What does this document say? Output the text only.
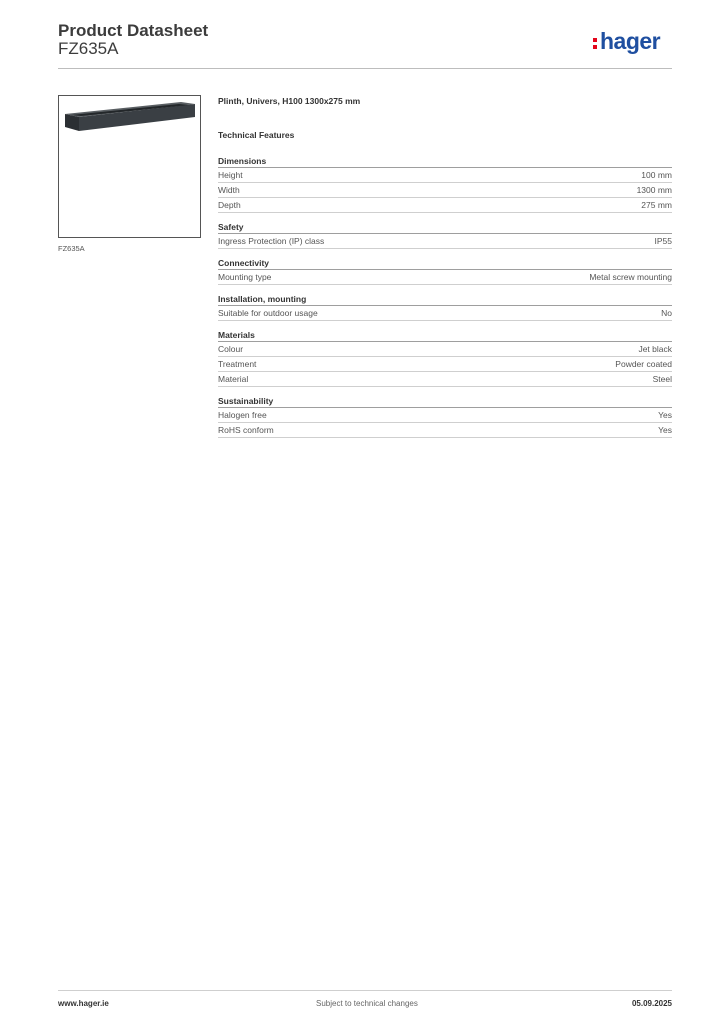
Product Datasheet
FZ635A	hager
FZ635A
Plinth, Univers, H100 1300x275 mm
Technical Features
Dimensions
Height	100 mm
Width	1300 mm
Depth	275 mm
Safety
Ingress Protection (IP) class	IP55
Connectivity
Mounting type	Metal screw mounting
Installation, mounting
Suitable for outdoor usage	No
Materials
Colour	Jet black
Treatment	Powder coated
Material	Steel
Sustainability
Halogen free	Yes
RoHS conform	Yes
www.hager.ie	Subject to technical changes	05.09.2025
